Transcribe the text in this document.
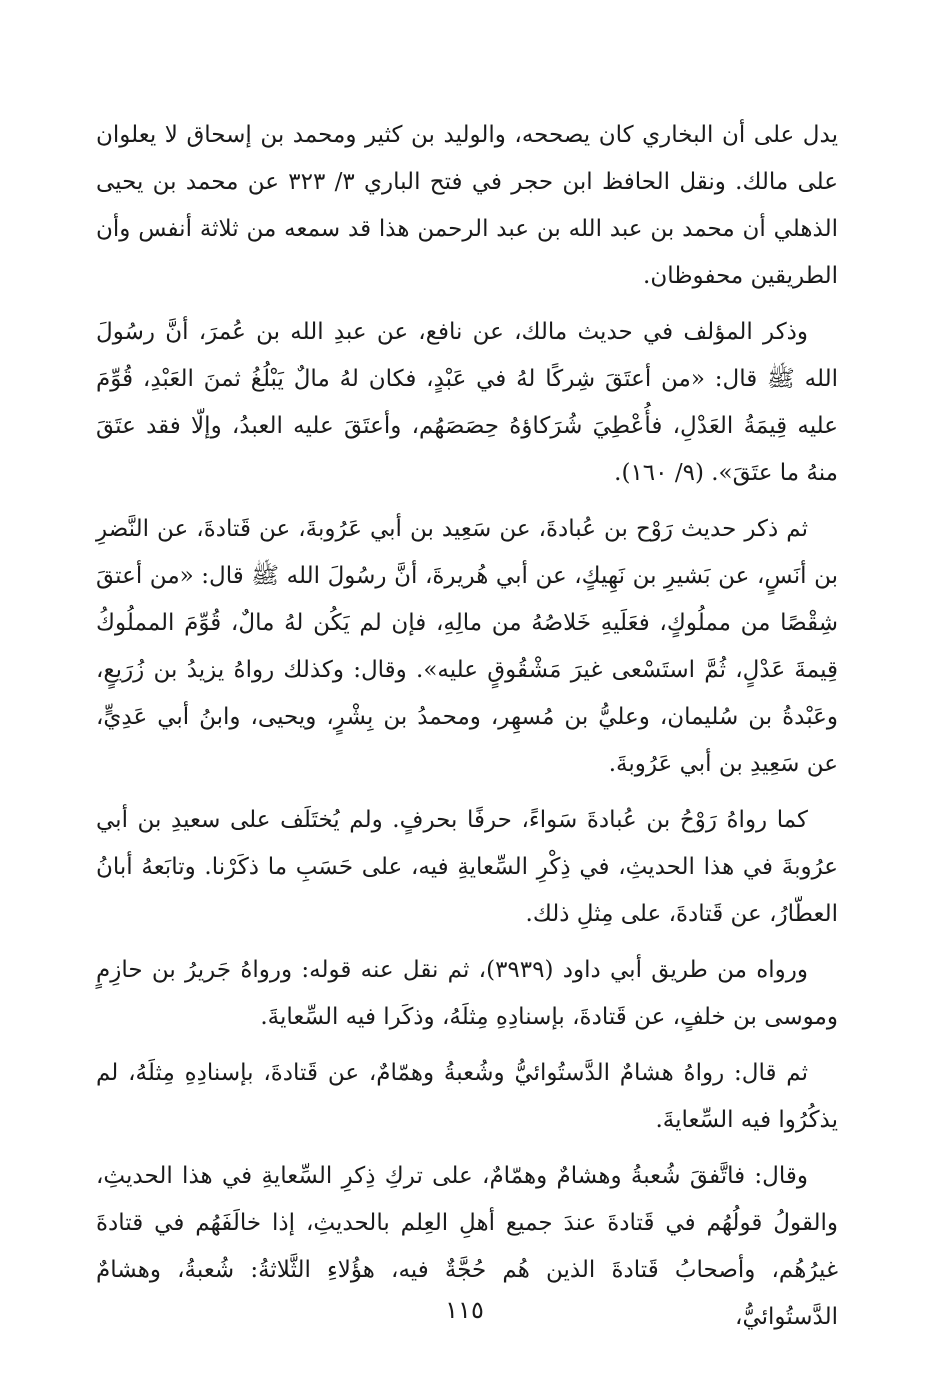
يدل على أن البخاري كان يصححه، والوليد بن كثير ومحمد بن إسحاق لا يعلوان على مالك. ونقل الحافظ ابن حجر في فتح الباري ٣/ ٣٢٣ عن محمد بن يحيى الذهلي أن محمد بن عبد الله بن عبد الرحمن هذا قد سمعه من ثلاثة أنفس وأن الطريقين محفوظان.

وذكر المؤلف في حديث مالك، عن نافع، عن عبدِ الله بن عُمرَ، أنَّ رسُولَ الله ﷺ قال: «من أعتَقَ شِركًا لهُ في عَبْدٍ، فكان لهُ مالٌ يَبْلُغُ ثمنَ العَبْدِ، قُوِّمَ عليه قِيمَةُ العَدْلِ، فأُعْطِيَ شُرَكاؤهُ حِصَصَهُم، وأعتَقَ عليه العبدُ، وإلّا فقد عتَقَ منهُ ما عتَقَ». (٩/ ١٦٠).

ثم ذكر حديث رَوْح بن عُبادةَ، عن سَعِيد بن أبي عَرُوبةَ، عن قَتادةَ، عن النَّضرِ بن أنَسٍ، عن بَشيرِ بن نَهِيكٍ، عن أبي هُريرةَ، أنَّ رسُولَ الله ﷺ قال: «من أعتقَ شِقْصًا من مملُوكٍ، فعَلَيهِ خَلاصُهُ من مالِهِ، فإن لم يَكُن لهُ مالٌ، قُوِّمَ المملُوكُ قِيمةَ عَدْلٍ، ثُمَّ استَسْعى غيرَ مَشْقُوقٍ عليه». وقال: وكذلك رواهُ يزيدُ بن زُرَيعٍ، وعَبْدةُ بن سُليمان، وعليُّ بن مُسهِر، ومحمدُ بن بِشْرٍ، ويحيى، وابنُ أبي عَدِيٍّ، عن سَعِيدِ بن أبي عَرُوبةَ.

كما رواهُ رَوْحُ بن عُبادةَ سَواءً، حرفًا بحرفٍ. ولم يُختَلَف على سعيدِ بن أبي عرُوبةَ في هذا الحديثِ، في ذِكْرِ السِّعايةِ فيه، على حَسَبِ ما ذكَرْنا. وتابَعهُ أبانُ العطّارُ، عن قَتادةَ، على مِثلِ ذلك.

ورواه من طريق أبي داود (٣٩٣٩)، ثم نقل عنه قوله: ورواهُ جَريرُ بن حازِمٍ وموسى بن خلفٍ، عن قَتادةَ، بإسنادِهِ مِثلَهُ، وذكَرا فيه السِّعايةَ.

ثم قال: رواهُ هشامٌ الدَّستُوائيُّ وشُعبةُ وهمّامٌ، عن قَتادةَ، بإسنادِهِ مِثلَهُ، لم يذكُرُوا فيه السِّعايةَ.

وقال: فاتَّفقَ شُعبةُ وهشامٌ وهمّامٌ، على تركِ ذِكرِ السِّعايةِ في هذا الحديثِ، والقولُ قولُهُم في قَتادةَ عندَ جميع أهلِ العِلم بالحديثِ، إذا خالَفَهُم في قتادةَ غيرُهُم، وأصحابُ قَتادةَ الذين هُم حُجَّةٌ فيه، هؤُلاءِ الثَّلاثةُ: شُعبةُ، وهشامٌ الدَّستُوائيُّ،

١١٥
